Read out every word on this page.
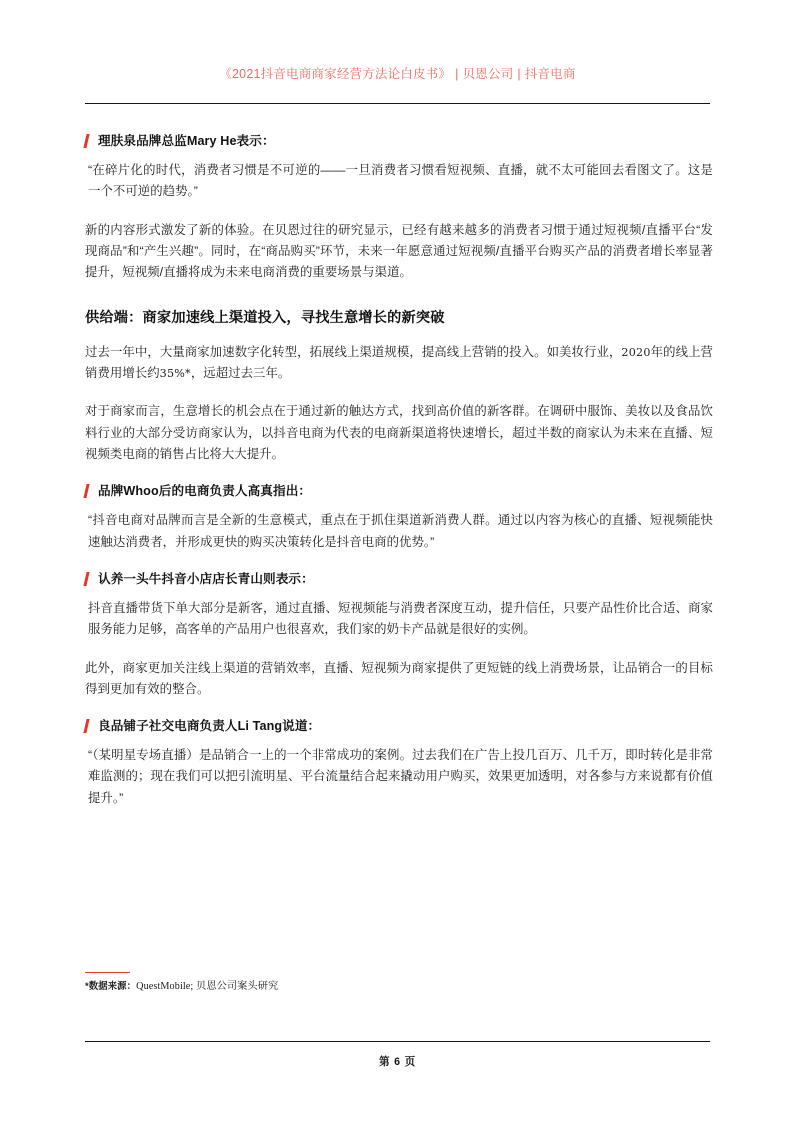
《2021抖音电商商家经营方法论白皮书》 | 贝恩公司 | 抖音电商
理肤泉品牌总监Mary He表示：

“在碎片化的时代，消费者习惯是不可逆的——一旦消费者习惯看短视频、直播，就不太可能回去看图文了。这是一个不可逆的趋势。”

新的内容形式激发了新的体验。在贝恩过往的研究显示，已经有越来越多的消费者习惯于通过短视频/直播平台“发现商品”和“产生兴趣”。同时，在“商品购买”环节，未来一年愿意通过短视频/直播平台购买产品的消费者增长率显著提升，短视频/直播将成为未来电商消费的重要场景与渠道。

供给端：商家加速线上渠道投入，寻找生意增长的新突破

过去一年中，大量商家加速数字化转型，拓展线上渠道规模，提高线上营销的投入。如美妆行业，2020年的线上营销费用增长约35%*，远超过去三年。

对于商家而言，生意增长的机会点在于通过新的触达方式，找到高价值的新客群。在调研中服饰、美妆以及食品饮料行业的大部分受访商家认为，以抖音电商为代表的电商新渠道将快速增长，超过半数的商家认为未来在直播、短视频类电商的销售占比将大大提升。

品牌Whoo后的电商负责人高真指出：

“抖音电商对品牌而言是全新的生意模式，重点在于抓住渠道新消费人群。通过以内容为核心的直播、短视频能快速触达消费者，并形成更快的购买决策转化是抖音电商的优势。”

认养一头牛抖音小店店长青山则表示：

抖音直播带货下单大部分是新客，通过直播、短视频能与消费者深度互动，提升信任，只要产品性价比合适、商家服务能力足够，高客单的产品用户也很喜欢，我们家的奶卡产品就是很好的实例。

此外，商家更加关注线上渠道的营销效率，直播、短视频为商家提供了更短链的线上消费场景，让品销合一的目标得到更加有效的整合。

良品铺子社交电商负责人Li Tang说道：

“（某明星专场直播）是品销合一上的一个非常成功的案例。过去我们在广告上投几百万、几千万，即时转化是非常难监测的；现在我们可以把引流明星、平台流量结合起来撬动用户购买，效果更加透明，对各参与方来说都有价值提升。”

*数据来源：QuestMobile; 贝恩公司案头研究
第 6 页
